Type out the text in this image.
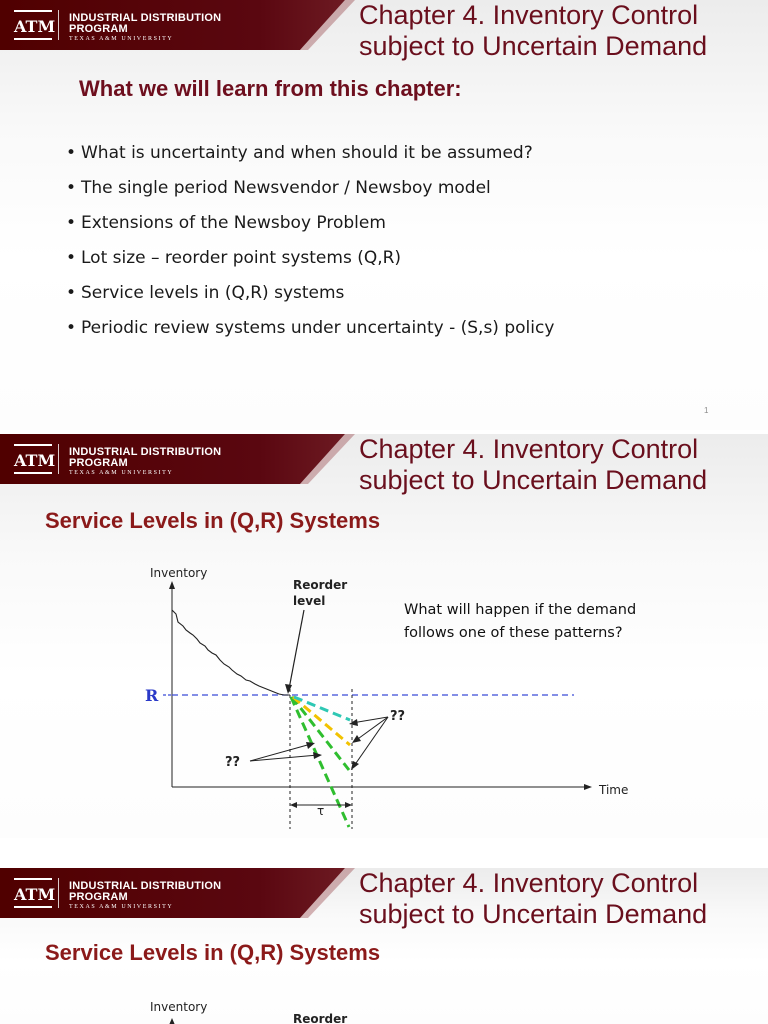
ATM INDUSTRIAL DISTRIBUTION
PROGRAM
TEXAS A&M UNIVERSITY
Chapter 4. Inventory Control
subject to Uncertain Demand
What we will learn from this chapter:
• What is uncertainty and when should it be assumed?
• The single period Newsvendor / Newsboy model
• Extensions of the Newsboy Problem
• Lot size – reorder point systems (Q,R)
• Service levels in (Q,R) systems
• Periodic review systems under uncertainty - (S,s) policy
1
ATM INDUSTRIAL DISTRIBUTION
PROGRAM
TEXAS A&M UNIVERSITY
Chapter 4. Inventory Control
subject to Uncertain Demand
Service Levels in (Q,R) Systems
Inventory
Time
R
Reorder
level
τ
??
??
What will happen if the demand
follows one of these patterns?
ATM INDUSTRIAL DISTRIBUTION
PROGRAM
TEXAS A&M UNIVERSITY
Chapter 4. Inventory Control
subject to Uncertain Demand
Service Levels in (Q,R) Systems
Inventory
Reorder
